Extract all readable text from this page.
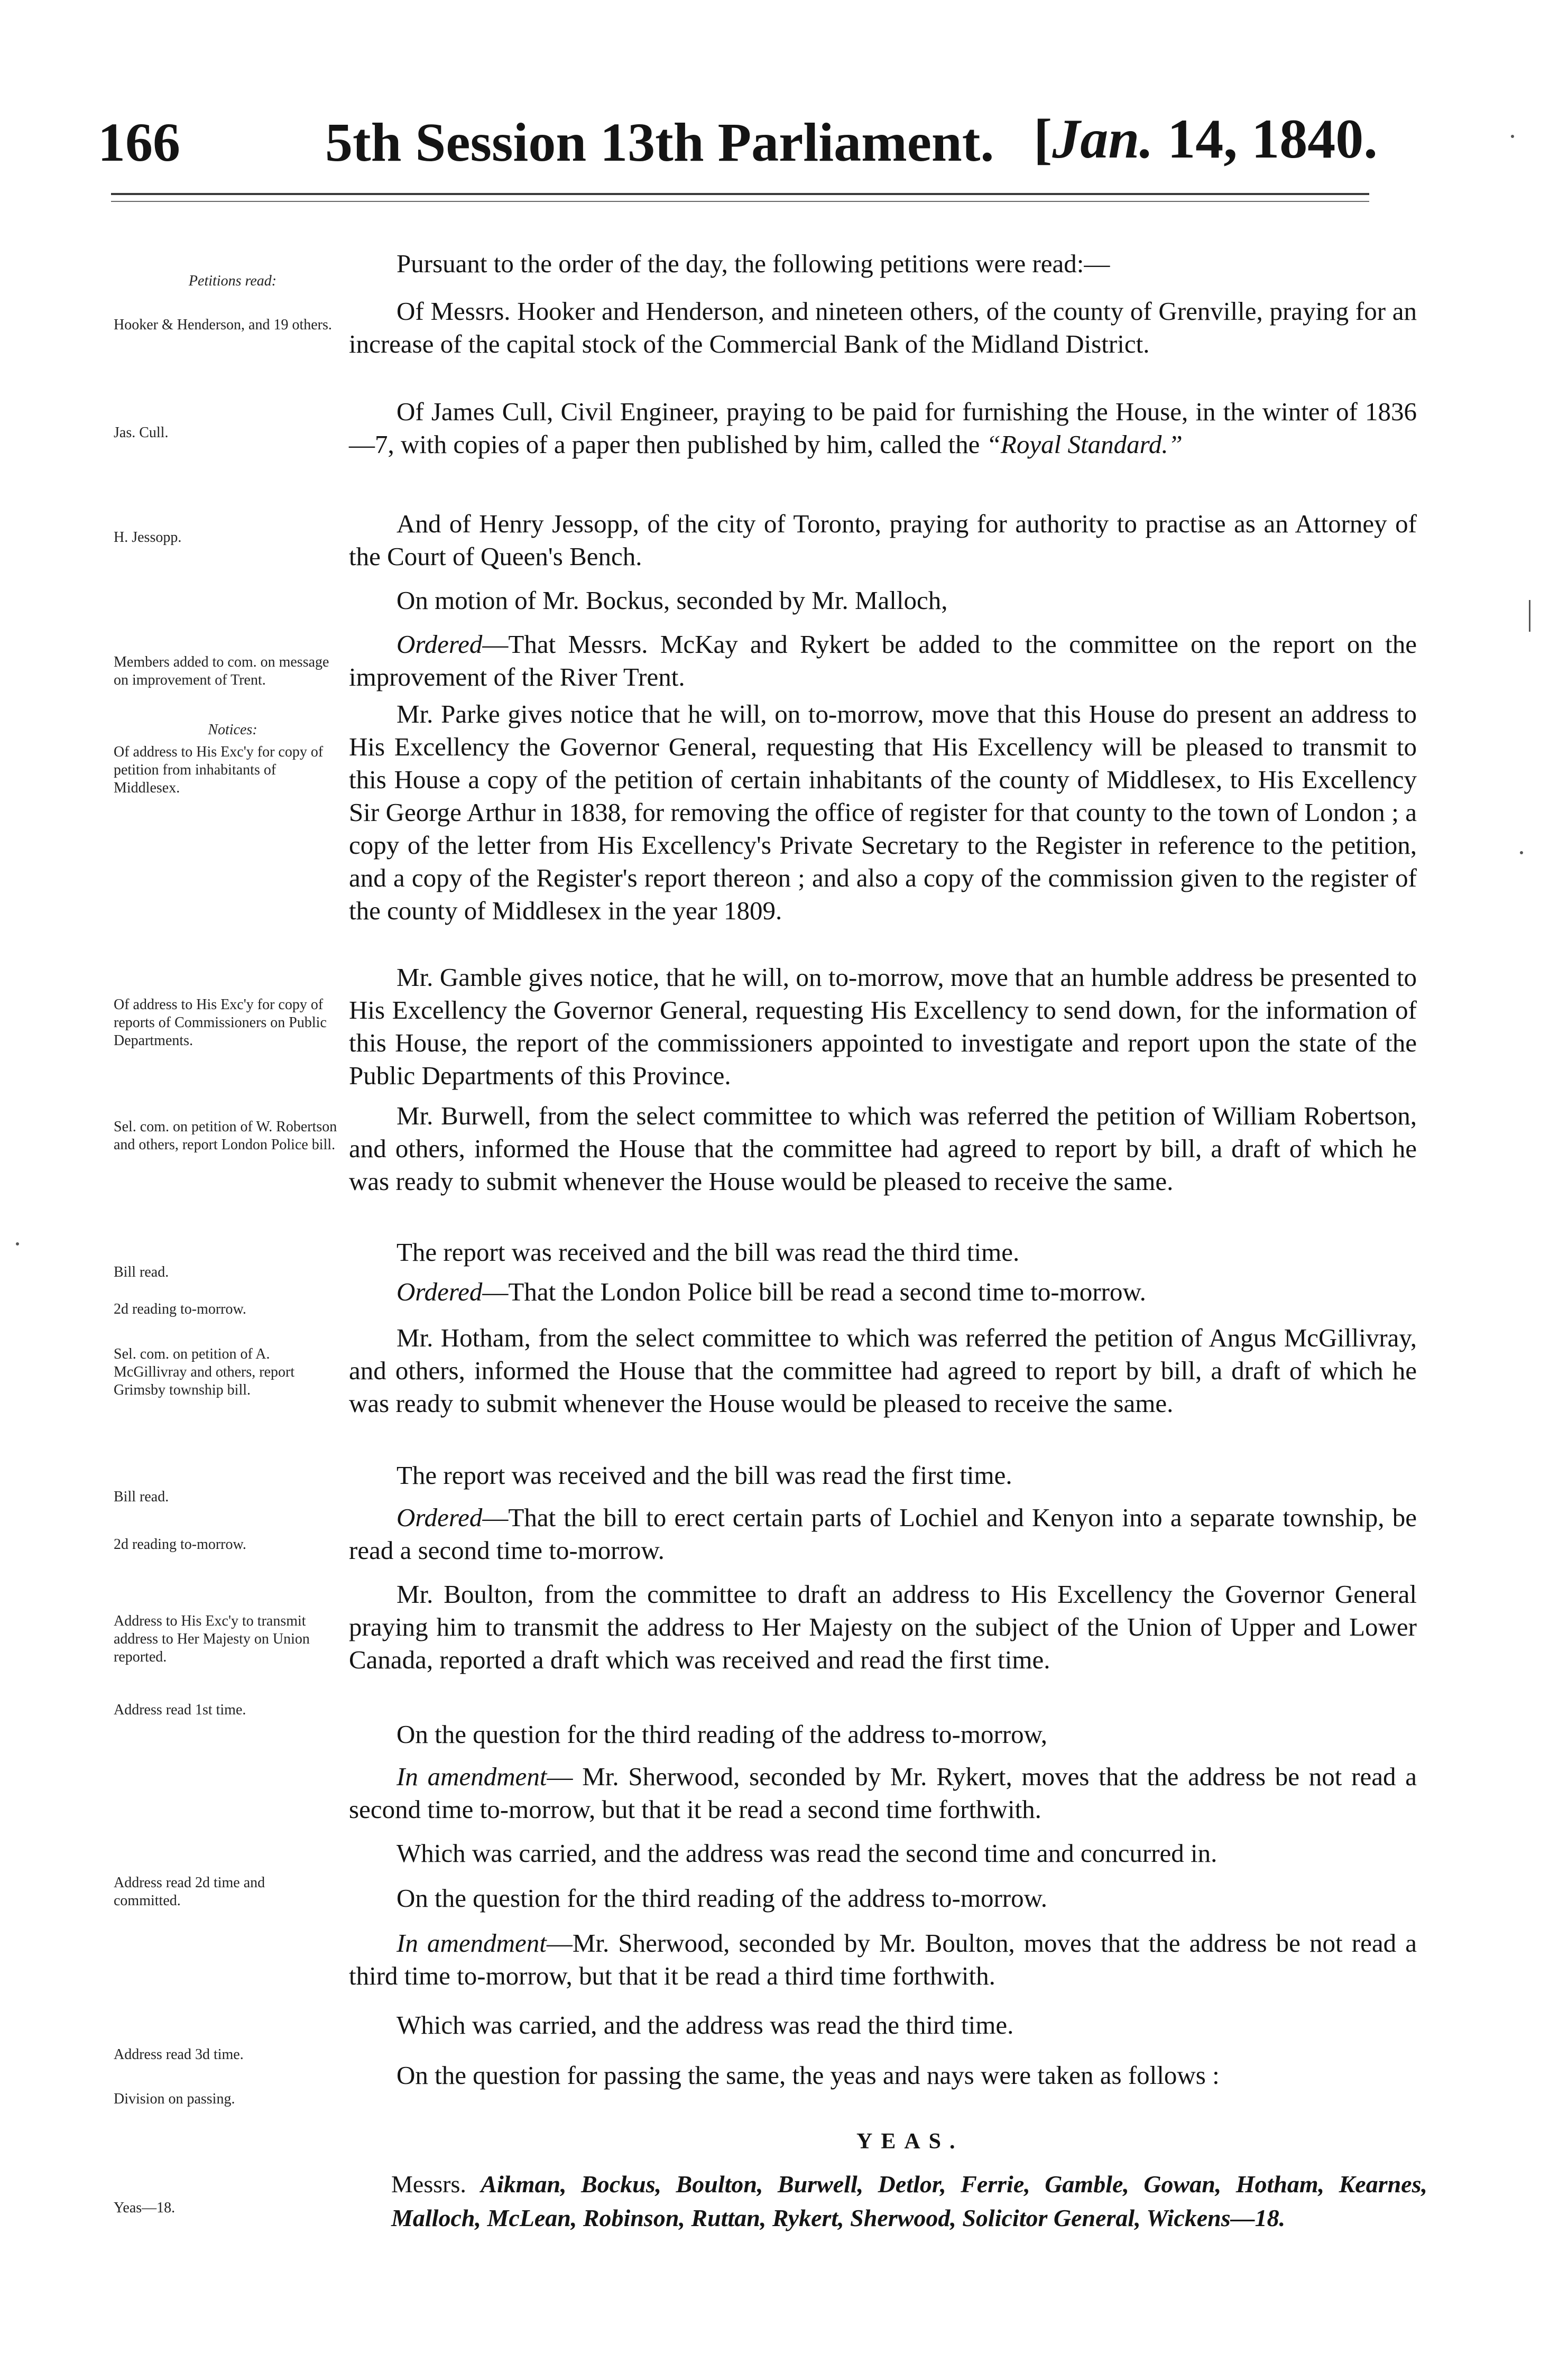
166	5th Session 13th Parliament. [Jan. 14, 1840.
Petitions read:
Hooker & Henderson, and 19 others.
Jas. Cull.
H. Jessopp.
Members added to com. on message on improvement of Trent.
Notices:
Of address to His Exc'y for copy of petition from inhabitants of Middlesex.
Of address to His Exc'y for copy of reports of Commissioners on Public Departments.
Sel. com. on petition of W. Robertson and others, report London Police bill.
Bill read.
2d reading to-morrow.
Sel. com. on petition of A. McGillivray and others, report Grimsby township bill.
Bill read.
2d reading to-morrow.
Address to His Exc'y to transmit address to Her Majesty on Union reported.
Address read 1st time.
Address read 2d time and committed.
Address read 3d time.
Division on passing.
Yeas—18.
Pursuant to the order of the day, the following petitions were read:—
Of Messrs. Hooker and Henderson, and nineteen others, of the county of Grenville, praying for an increase of the capital stock of the Commercial Bank of the Midland District.
Of James Cull, Civil Engineer, praying to be paid for furnishing the House, in the winter of 1836—7, with copies of a paper then published by him, called the “Royal Standard.”
And of Henry Jessopp, of the city of Toronto, praying for authority to practise as an Attorney of the Court of Queen's Bench.
On motion of Mr. Bockus, seconded by Mr. Malloch,
Ordered—That Messrs. McKay and Rykert be added to the committee on the report on the improvement of the River Trent.
Mr. Parke gives notice that he will, on to-morrow, move that this House do present an address to His Excellency the Governor General, requesting that His Excellency will be pleased to transmit to this House a copy of the petition of certain inhabitants of the county of Middlesex, to His Excellency Sir George Arthur in 1838, for removing the office of register for that county to the town of London ; a copy of the letter from His Excellency's Private Secretary to the Register in reference to the petition, and a copy of the Register's report thereon ; and also a copy of the commission given to the register of the county of Middlesex in the year 1809.
Mr. Gamble gives notice, that he will, on to-morrow, move that an humble address be presented to His Excellency the Governor General, requesting His Excellency to send down, for the information of this House, the report of the commissioners appointed to investigate and report upon the state of the Public Departments of this Province.
Mr. Burwell, from the select committee to which was referred the petition of William Robertson, and others, informed the House that the committee had agreed to report by bill, a draft of which he was ready to submit whenever the House would be pleased to receive the same.
The report was received and the bill was read the third time.
Ordered—That the London Police bill be read a second time to-morrow.
Mr. Hotham, from the select committee to which was referred the petition of Angus McGillivray, and others, informed the House that the committee had agreed to report by bill, a draft of which he was ready to submit whenever the House would be pleased to receive the same.
The report was received and the bill was read the first time.
Ordered—That the bill to erect certain parts of Lochiel and Kenyon into a separate township, be read a second time to-morrow.
Mr. Boulton, from the committee to draft an address to His Excellency the Governor General praying him to transmit the address to Her Majesty on the subject of the Union of Upper and Lower Canada, reported a draft which was received and read the first time.
On the question for the third reading of the address to-morrow,
In amendment— Mr. Sherwood, seconded by Mr. Rykert, moves that the address be not read a second time to-morrow, but that it be read a second time forthwith.
Which was carried, and the address was read the second time and concurred in.
On the question for the third reading of the address to-morrow.
In amendment—Mr. Sherwood, seconded by Mr. Boulton, moves that the address be not read a third time to-morrow, but that it be read a third time forthwith.
Which was carried, and the address was read the third time.
On the question for passing the same, the yeas and nays were taken as follows :
YEAS.
Messrs. Aikman, Bockus, Boulton, Burwell, Detlor, Ferrie, Gamble, Gowan, Hotham, Kearnes, Malloch, McLean, Robinson, Ruttan, Rykert, Sherwood, Solicitor General, Wickens—18.
